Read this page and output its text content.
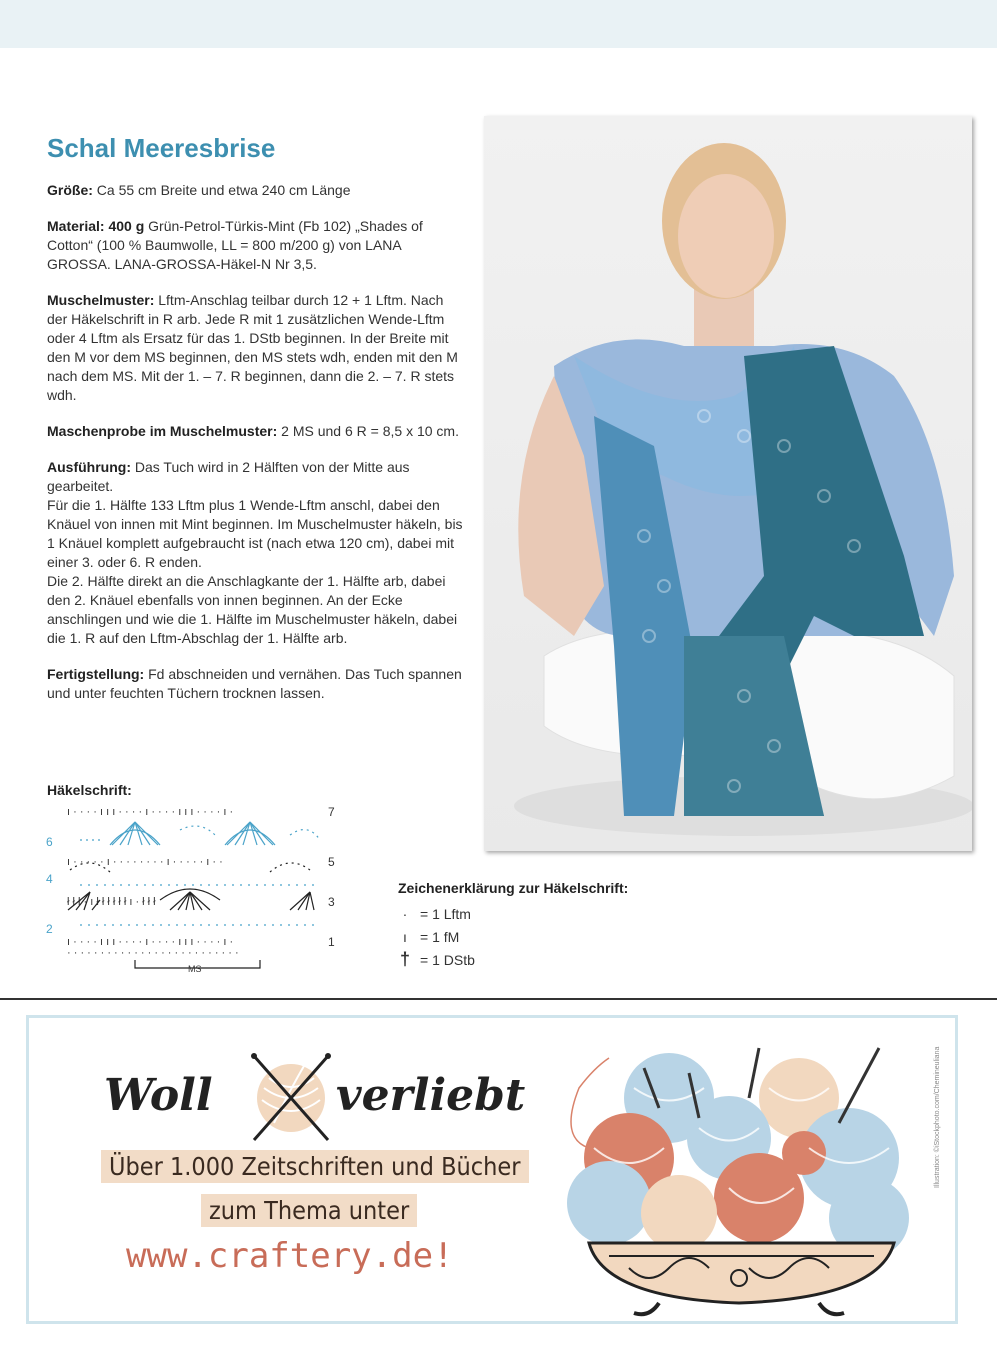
Schal Meeresbrise

Größe: Ca 55 cm Breite und etwa 240 cm Länge

Material: 400 g Grün-Petrol-Türkis-Mint (Fb 102) „Shades of Cotton“ (100 % Baumwolle, LL = 800 m/200 g) von LANA GROSSA. LANA-GROSSA-Häkel-N Nr 3,5.

Muschelmuster: Lftm-Anschlag teilbar durch 12 + 1 Lftm. Nach der Häkelschrift in R arb. Jede R mit 1 zusätzlichen Wende-Lftm oder 4 Lftm als Ersatz für das 1. DStb beginnen. In der Breite mit den M vor dem MS beginnen, den MS stets wdh, enden mit den M nach dem MS. Mit der 1. – 7. R beginnen, dann die 2. – 7. R stets wdh.

Maschenprobe im Muschelmuster: 2 MS und 6 R = 8,5 x 10 cm.

Ausführung: Das Tuch wird in 2 Hälften von der Mitte aus gearbeitet.
Für die 1. Hälfte 133 Lftm plus 1 Wende-Lftm anschl, dabei den Knäuel von innen mit Mint beginnen. Im Muschelmuster häkeln, bis 1 Knäuel komplett aufgebraucht ist (nach etwa 120 cm), dabei mit einer 3. oder 6. R enden.
Die 2. Hälfte direkt an die Anschlagkante der 1. Hälfte arb, dabei den 2. Knäuel ebenfalls von innen beginnen. An der Ecke anschlingen und wie die 1. Hälfte im Muschelmuster häkeln, dabei die 1. R auf den Lftm-Abschlag der 1. Hälfte arb.

Fertigstellung: Fd abschneiden und vernähen. Das Tuch spannen und unter feuchten Tüchern trocknen lassen.

Häkelschrift:
ı · · · · ı ı ı · · · · ı · · · · ı ı ı · · · · ı ·
ı · · · · · ı · · · · · · · · ı · · · · · ı · ·
ł ł ł · ı ł ł ł ł ł ł ı · ł ł ł
ı · · · · ı ı ı · · · · ı · · · · ı ı ı · · · · ı ·
· · · · · · · · · · · · · · · · · · · · · · · · · ·
7
5
3
1
6
4
2
MS
Zeichenerklärung zur Häkelschrift:
· = 1 Lftm
ı = 1 fM
† = 1 DStb
Woll	verliebt
Über 1.000 Zeitschriften und Bücher
zum Thema unter
www.craftery.de!
Illustration: ©iStockphoto.com/Chemineuliana
